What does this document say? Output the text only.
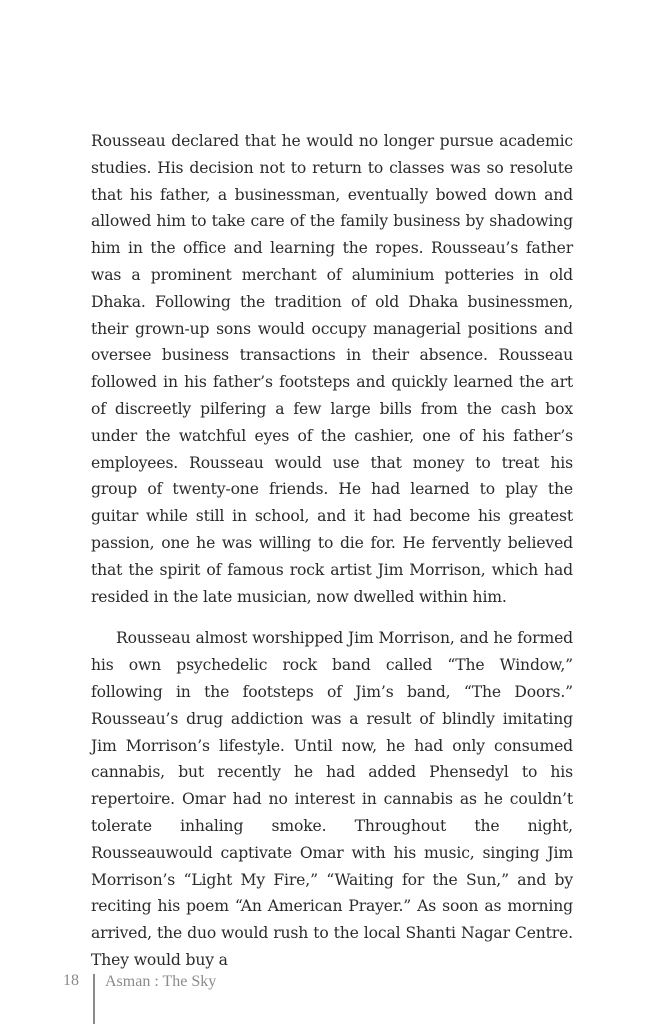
Rousseau declared that he would no longer pursue academic studies. His decision not to return to classes was so resolute that his father, a businessman, eventually bowed down and allowed him to take care of the family business by shadowing him in the office and learning the ropes. Rousseau’s father was a prominent merchant of aluminium potteries in old Dhaka. Following the tradition of old Dhaka businessmen, their grown-up sons would occupy managerial positions and oversee business transactions in their absence. Rousseau followed in his father’s footsteps and quickly learned the art of discreetly pilfering a few large bills from the cash box under the watchful eyes of the cashier, one of his father’s employees. Rousseau would use that money to treat his group of twenty-one friends. He had learned to play the guitar while still in school, and it had become his greatest passion, one he was willing to die for. He fervently believed that the spirit of famous rock artist Jim Morrison, which had resided in the late musician, now dwelled within him.

Rousseau almost worshipped Jim Morrison, and he formed his own psychedelic rock band called “The Window,” following in the footsteps of Jim’s band, “The Doors.” Rousseau’s drug addiction was a result of blindly imitating Jim Morrison’s lifestyle. Until now, he had only consumed cannabis, but recently he had added Phensedyl to his repertoire. Omar had no interest in cannabis as he couldn’t tolerate inhaling smoke. Throughout the night, Rousseauwould captivate Omar with his music, singing Jim Morrison’s “Light My Fire,” “Waiting for the Sun,” and by reciting his poem “An American Prayer.” As soon as morning arrived, the duo would rush to the local Shanti Nagar Centre. They would buy a

18 Asman : The Sky
